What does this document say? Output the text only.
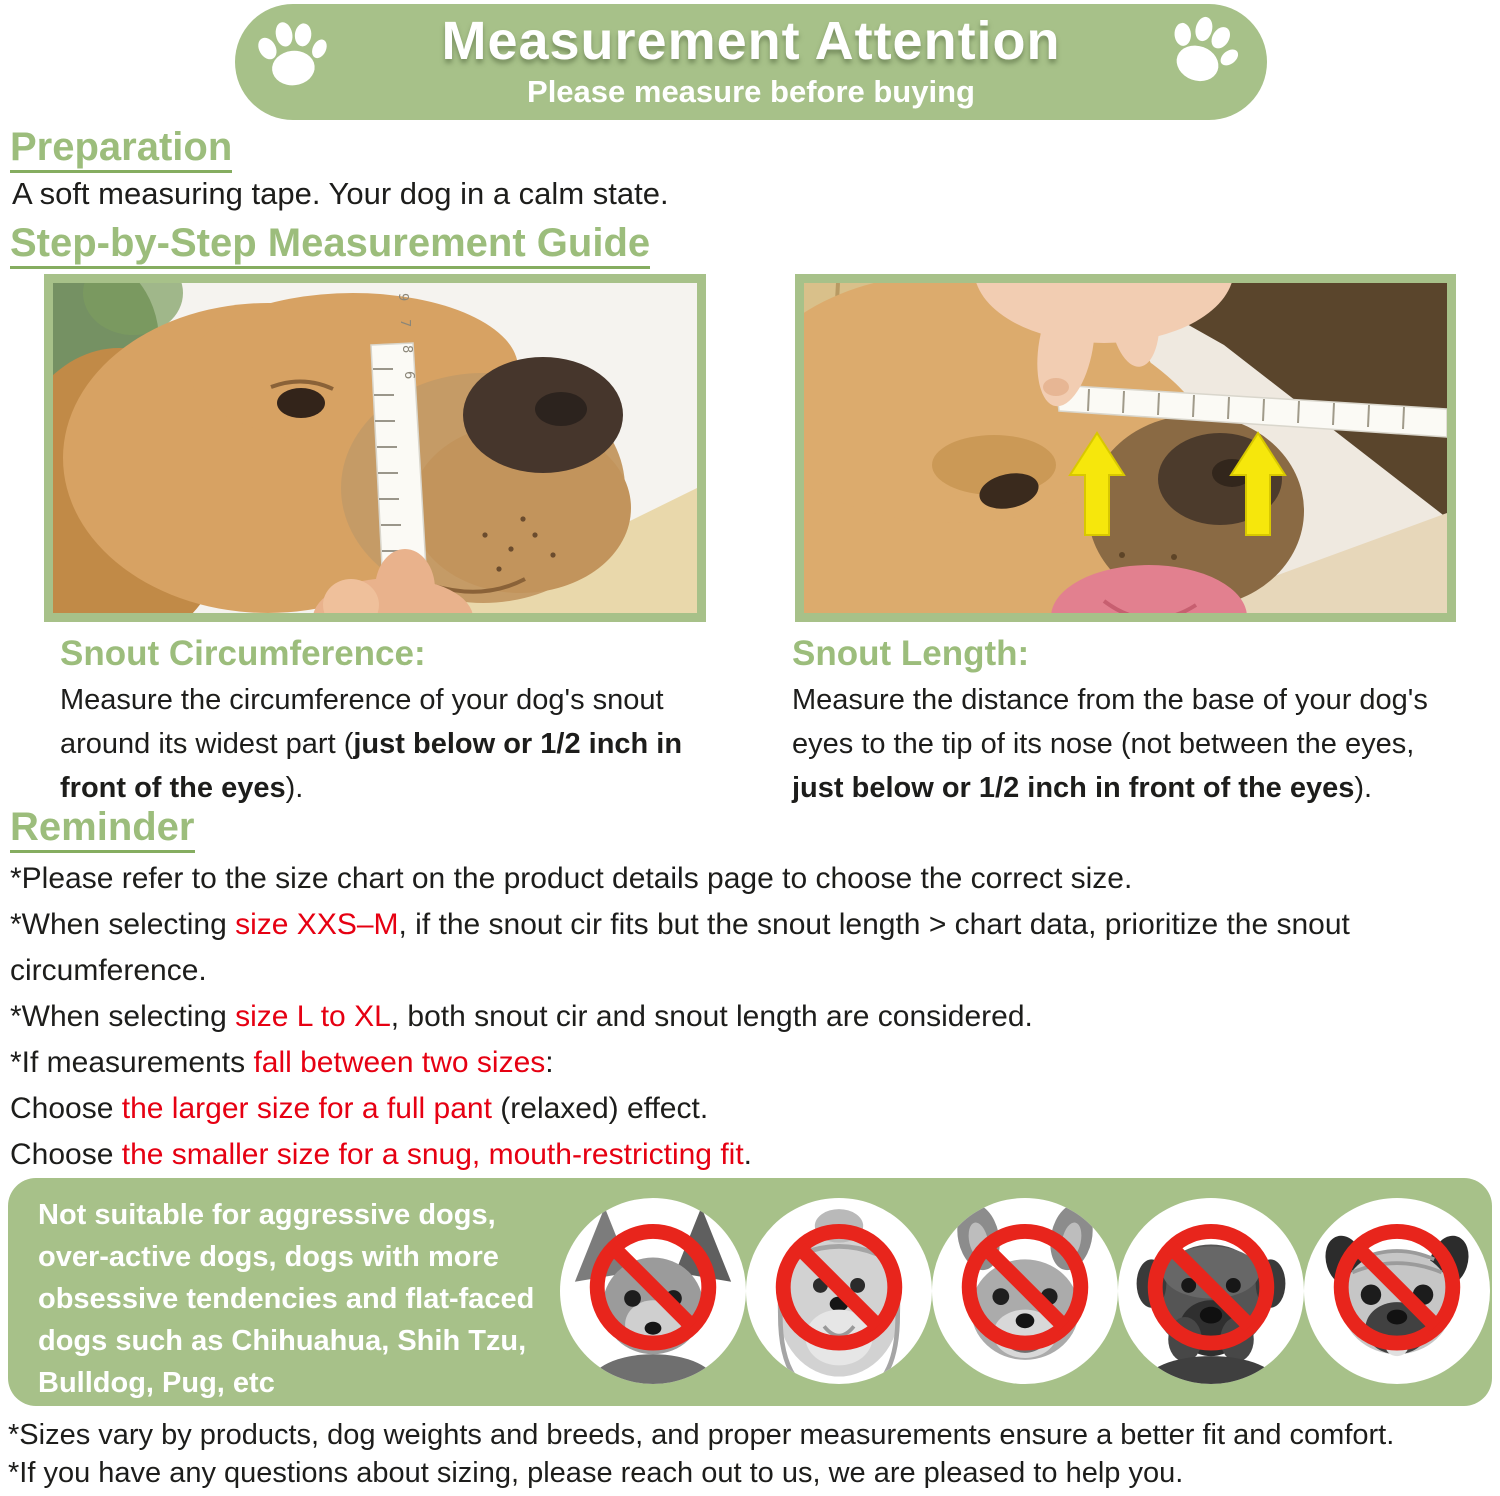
Measurement Attention
Please measure before buying
Preparation
A soft measuring tape. Your dog in a calm state.
Step-by-Step Measurement Guide
6
8
7
9
Snout Circumference:
Measure the circumference of your dog's snout around its widest part (just below or 1/2 inch in front of the eyes).
Snout Length:
Measure the distance from the base of your dog's eyes to the tip of its nose (not between the eyes, just below or 1/2 inch in front of the eyes).
Reminder

*Please refer to the size chart on the product details page to choose the correct size.

*When selecting size XXS–M, if the snout cir fits but the snout length > chart data, prioritize the snout circumference.

*When selecting size L to XL, both snout cir and snout length are considered.

*If measurements fall between two sizes:

Choose the larger size for a full pant (relaxed) effect.

Choose the smaller size for a snug, mouth-restricting fit.

Not suitable for aggressive dogs, over-active dogs, dogs with more obsessive tendencies and flat-faced dogs such as Chihuahua, Shih Tzu, Bulldog, Pug, etc

*Sizes vary by products, dog weights and breeds, and proper measurements ensure a better fit and comfort.

*If you have any questions about sizing, please reach out to us, we are pleased to help you.
